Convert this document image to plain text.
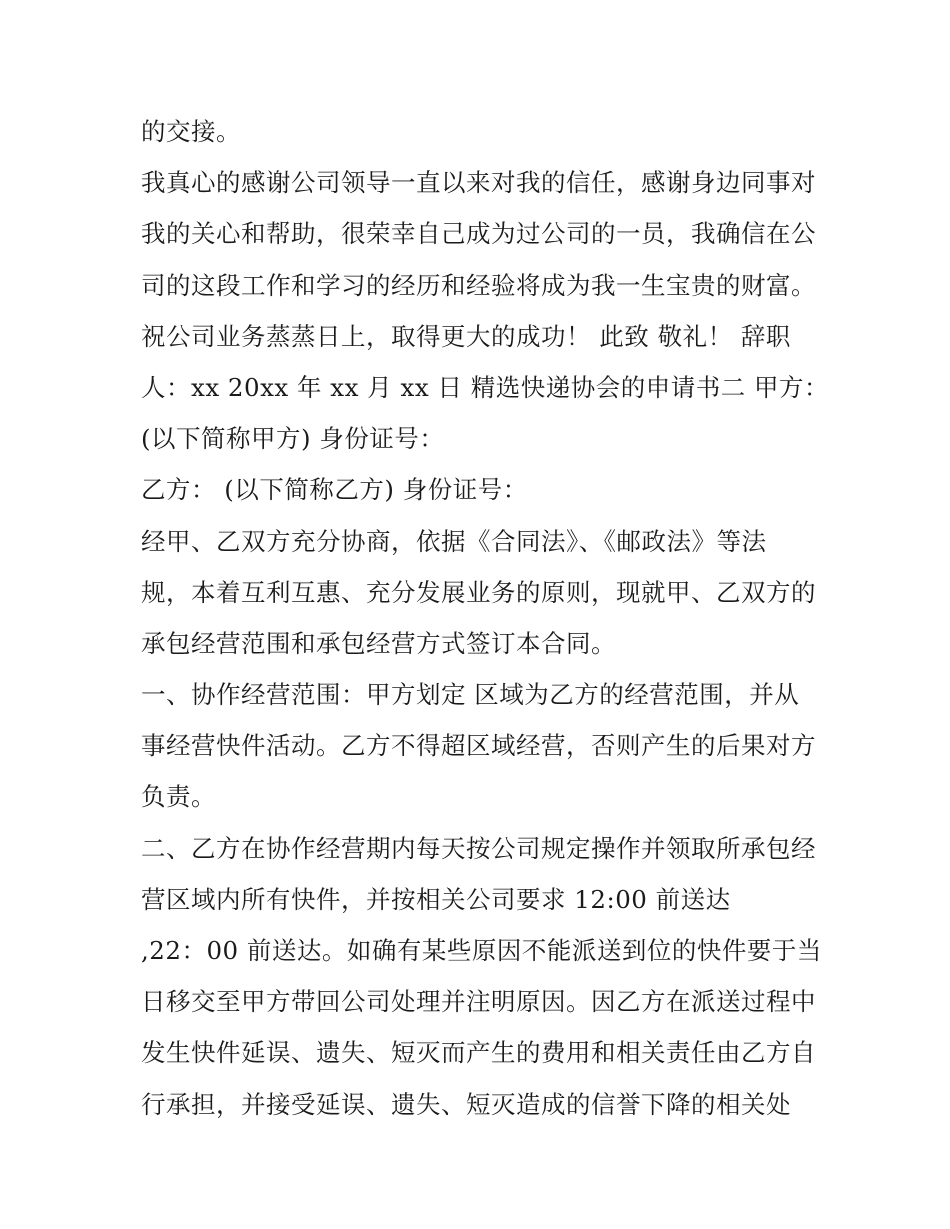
的交接。
我真心的感谢公司领导一直以来对我的信任，感谢身边同事对
我的关心和帮助，很荣幸自己成为过公司的一员，我确信在公
司的这段工作和学习的经历和经验将成为我一生宝贵的财富。
祝公司业务蒸蒸日上，取得更大的成功！ 此致 敬礼！ 辞职
人：xx 20xx 年 xx 月 xx 日 精选快递协会的申请书二 甲方：
(以下简称甲方) 身份证号：
乙方： (以下简称乙方) 身份证号：
经甲、乙双方充分协商，依据《合同法》、《邮政法》等法
规，本着互利互惠、充分发展业务的原则，现就甲、乙双方的
承包经营范围和承包经营方式签订本合同。
一、协作经营范围：甲方划定 区域为乙方的经营范围，并从
事经营快件活动。乙方不得超区域经营，否则产生的后果对方
负责。
二、乙方在协作经营期内每天按公司规定操作并领取所承包经
营区域内所有快件，并按相关公司要求 12:00 前送达
,22：00 前送达。如确有某些原因不能派送到位的快件要于当
日移交至甲方带回公司处理并注明原因。因乙方在派送过程中
发生快件延误、遗失、短灭而产生的费用和相关责任由乙方自
行承担，并接受延误、遗失、短灭造成的信誉下降的相关处
